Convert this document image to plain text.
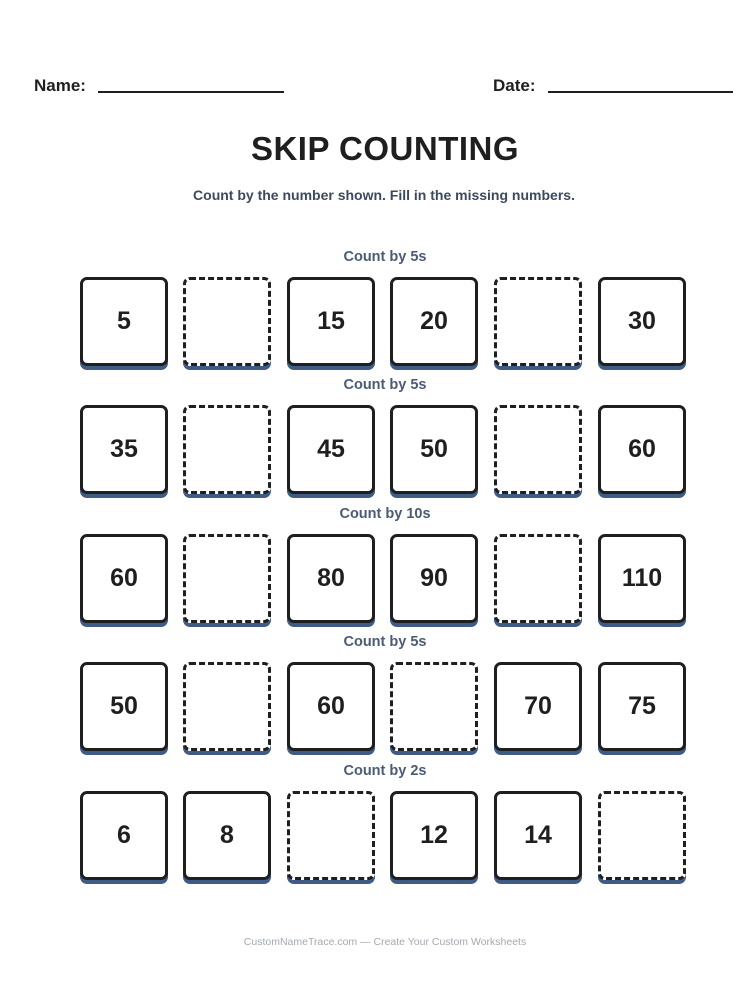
Name:	Date:
SKIP COUNTING
Count by the number shown. Fill in the missing numbers.
Count by 5s
5	15	20	30
Count by 5s
35	45	50	60
Count by 10s
60	80	90	110
Count by 5s
50	60	70	75
Count by 2s
6	8	12	14
CustomNameTrace.com — Create Your Custom Worksheets
